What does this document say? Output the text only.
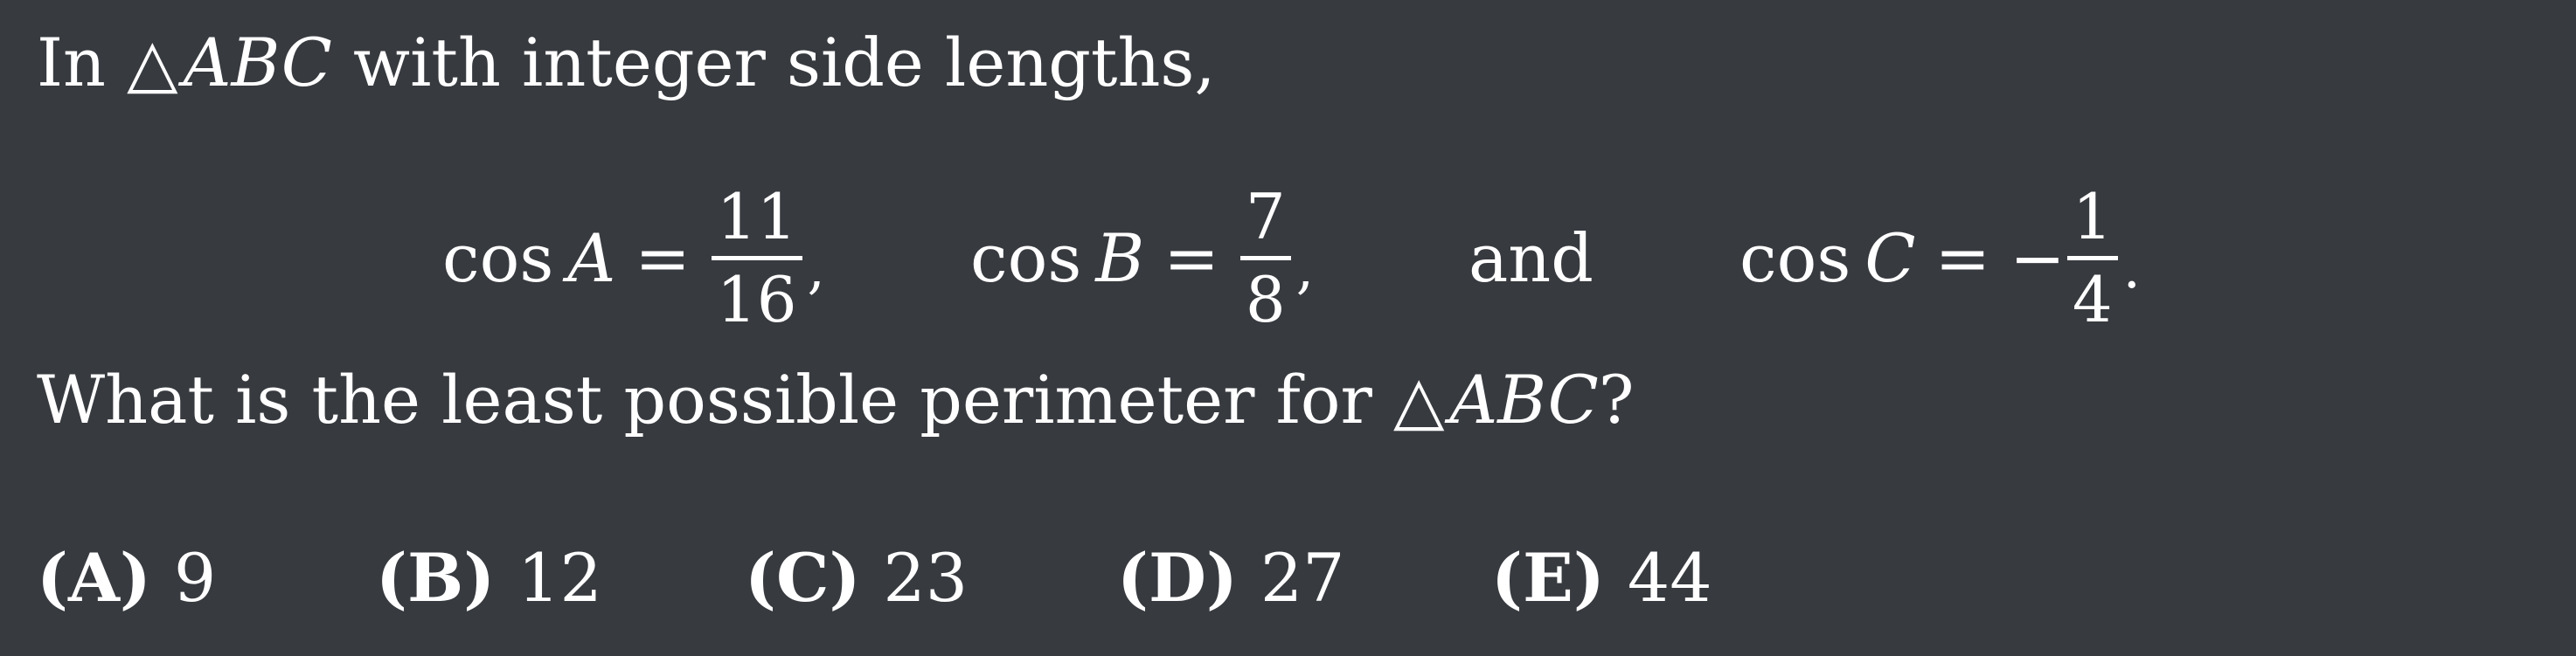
In △ABC with integer side lengths,
cos A =
11
16 , cos B =
7
8 , and cos C = −
1
4 .
What is the least possible perimeter for △ABC?
(A) 9 (B) 12 (C) 23 (D) 27 (E) 44
